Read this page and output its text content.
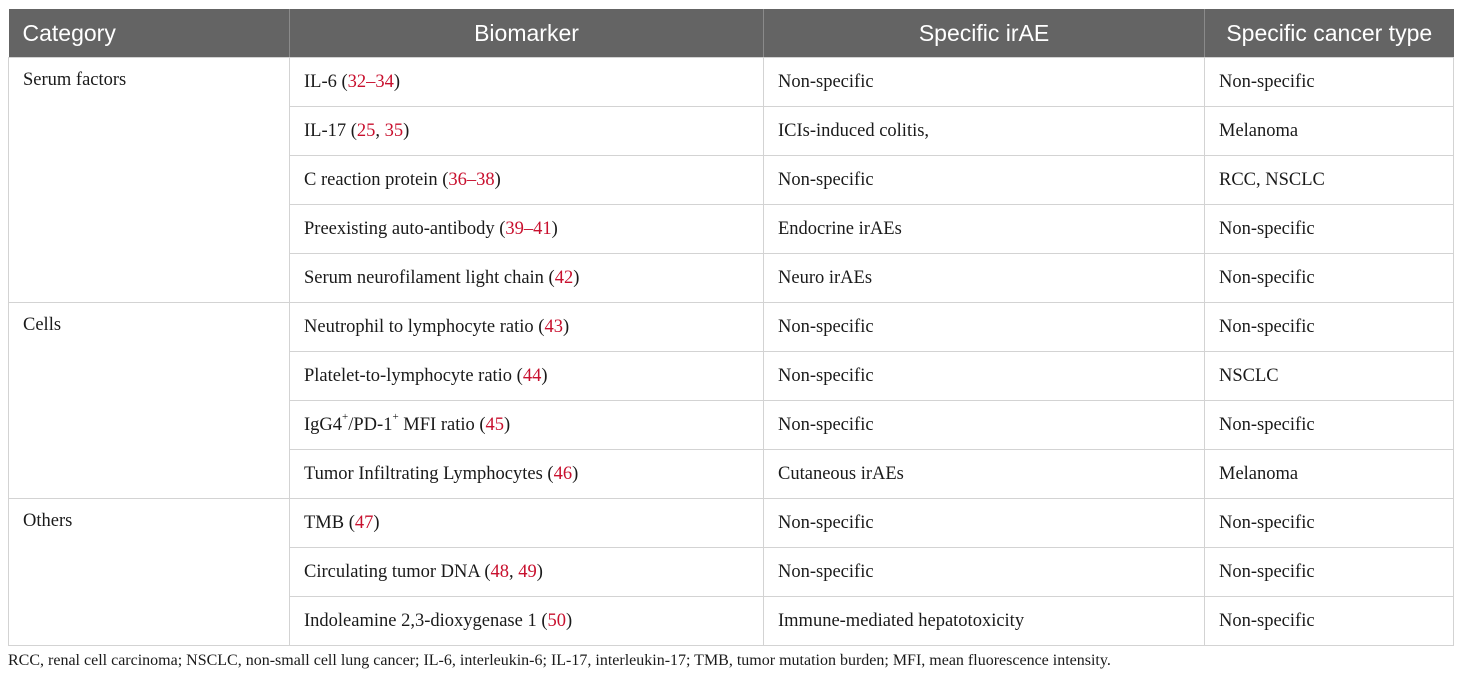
Category	Biomarker	Specific irAE	Specific cancer type
Serum factors	IL-6 (32–34)	Non-specific	Non-specific
	IL-17 (25, 35)	ICIs-induced colitis,	Melanoma
	C reaction protein (36–38)	Non-specific	RCC, NSCLC
	Preexisting auto-antibody (39–41)	Endocrine irAEs	Non-specific
	Serum neurofilament light chain (42)	Neuro irAEs	Non-specific
Cells	Neutrophil to lymphocyte ratio (43)	Non-specific	Non-specific
	Platelet-to-lymphocyte ratio (44)	Non-specific	NSCLC
	IgG4+/PD-1+ MFI ratio (45)	Non-specific	Non-specific
	Tumor Infiltrating Lymphocytes (46)	Cutaneous irAEs	Melanoma
Others	TMB (47)	Non-specific	Non-specific
	Circulating tumor DNA (48, 49)	Non-specific	Non-specific
	Indoleamine 2,3-dioxygenase 1 (50)	Immune-mediated hepatotoxicity	Non-specific
RCC, renal cell carcinoma; NSCLC, non-small cell lung cancer; IL-6, interleukin-6; IL-17, interleukin-17; TMB, tumor mutation burden; MFI, mean fluorescence intensity.
